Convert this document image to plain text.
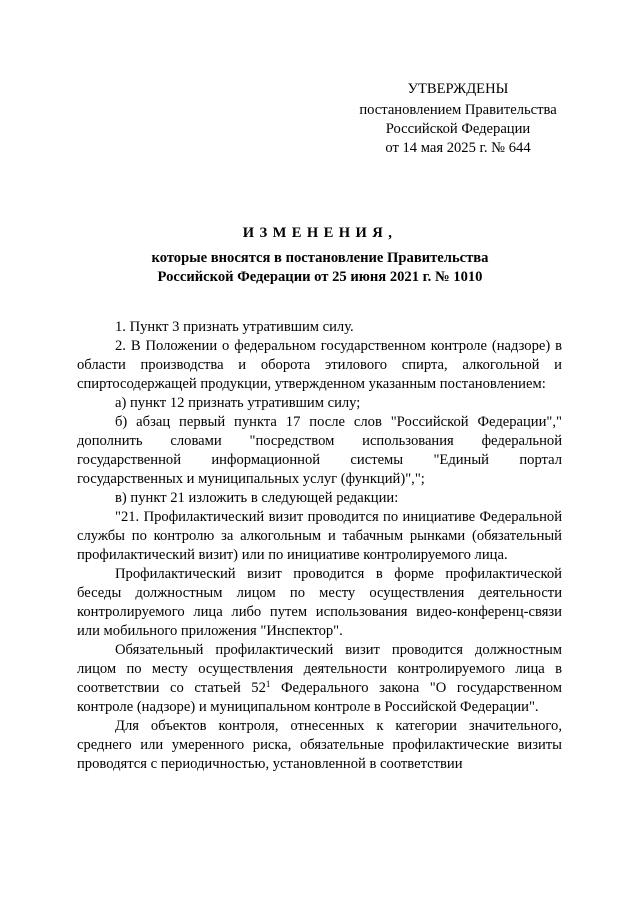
УТВЕРЖДЕНЫ
постановлением Правительства
Российской Федерации
от 14 мая 2025 г. № 644
ИЗМЕНЕНИЯ,
которые вносятся в постановление Правительства
Российской Федерации от 25 июня 2021 г. № 1010

1. Пункт 3 признать утратившим силу.

2. В Положении о федеральном государственном контроле (надзоре) в области производства и оборота этилового спирта, алкогольной и спиртосодержащей продукции, утвержденном указанным постановлением:

а) пункт 12 признать утратившим силу;

б) абзац первый пункта 17 после слов "Российской Федерации"," дополнить словами "посредством использования федеральной государственной информационной системы "Единый портал государственных и муниципальных услуг (функций)",";

в) пункт 21 изложить в следующей редакции:

"21. Профилактический визит проводится по инициативе Федеральной службы по контролю за алкогольным и табачным рынками (обязательный профилактический визит) или по инициативе контролируемого лица.

Профилактический визит проводится в форме профилактической беседы должностным лицом по месту осуществления деятельности контролируемого лица либо путем использования видео-конференц-связи или мобильного приложения "Инспектор".

Обязательный профилактический визит проводится должностным лицом по месту осуществления деятельности контролируемого лица в соответствии со статьей $52^1$ Федерального закона "О государственном контроле (надзоре) и муниципальном контроле в Российской Федерации".

Для объектов контроля, отнесенных к категории значительного, среднего или умеренного риска, обязательные профилактические визиты проводятся с периодичностью, установленной в соответствии
